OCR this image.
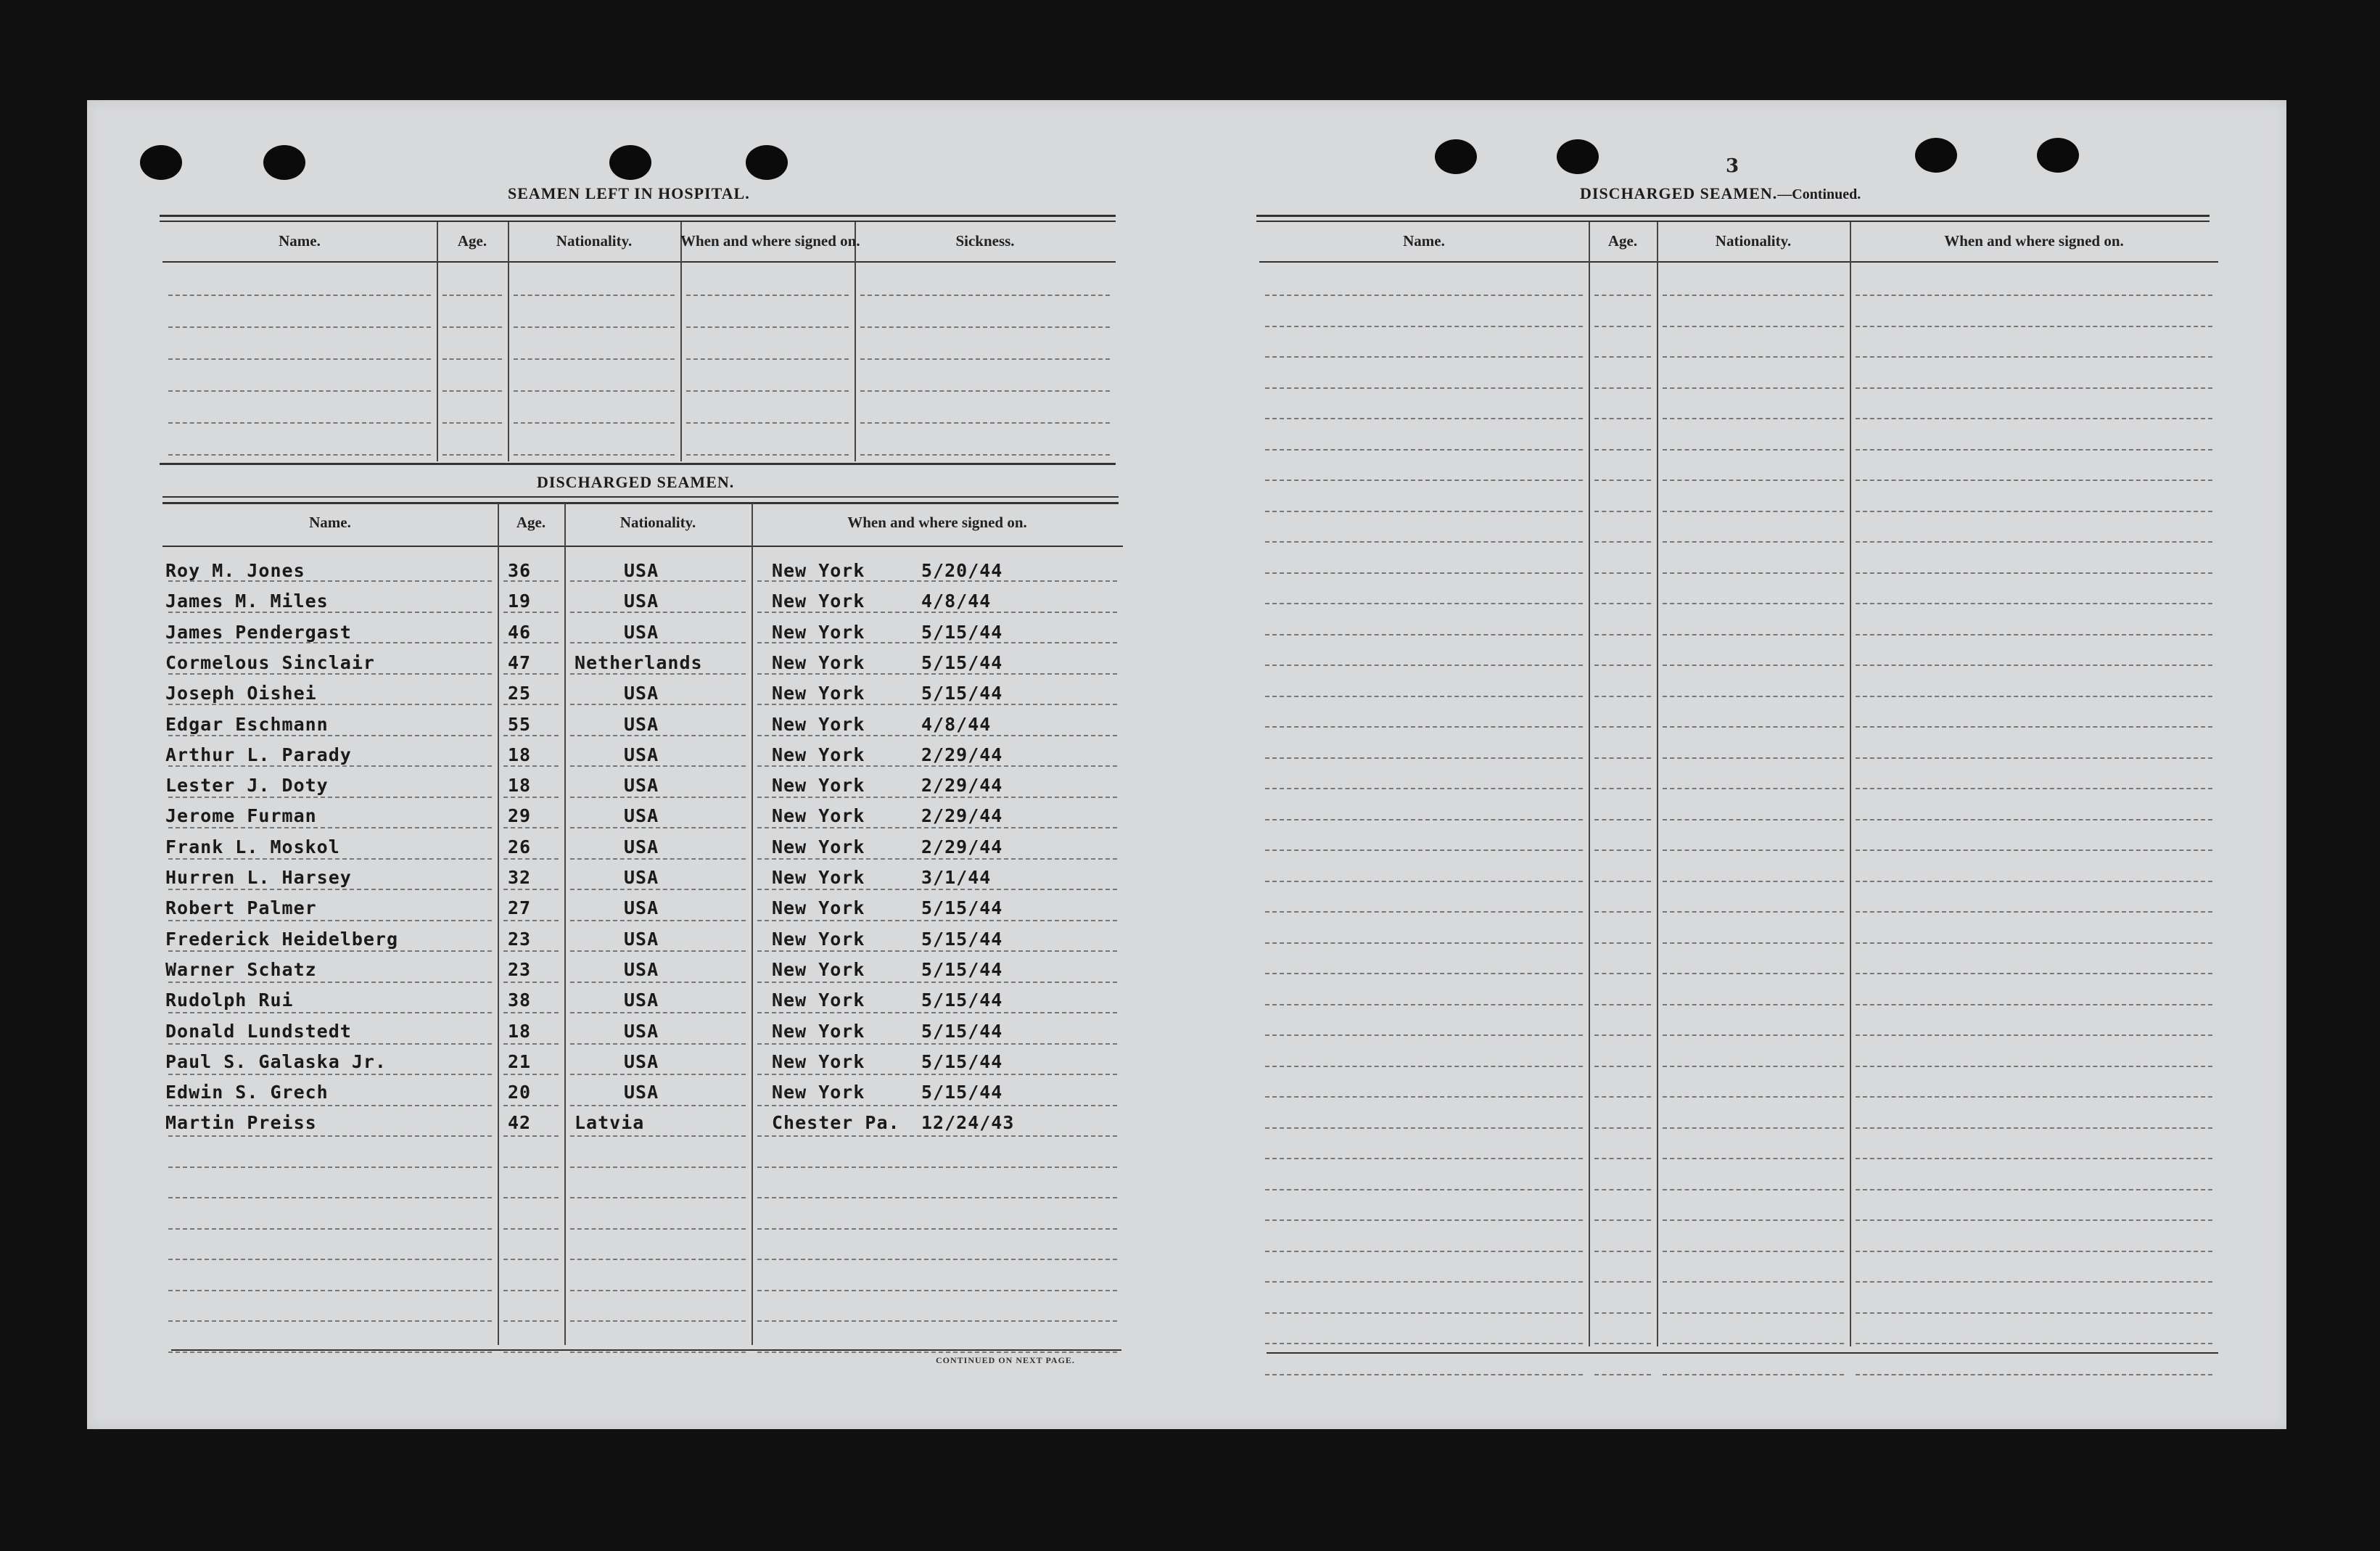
SEAMEN LEFT IN HOSPITAL.
Name.	Age.	Nationality.	When and where signed on.	Sickness.
DISCHARGED SEAMEN.
Name.	Age.	Nationality.	When and where signed on.
Roy M. Jones	36	USA	New York	5/20/44
James M. Miles	19	USA	New York	4/8/44
James Pendergast	46	USA	New York	5/15/44
Cormelous Sinclair	47 Netherlands	New York	5/15/44
Joseph Oishei	25	USA	New York	5/15/44
Edgar Eschmann	55	USA	New York	4/8/44
Arthur L. Parady	18	USA	New York	2/29/44
Lester J. Doty	18	USA	New York	2/29/44
Jerome Furman	29	USA	New York	2/29/44
Frank L. Moskol	26	USA	New York	2/29/44
Hurren L. Harsey	32	USA	New York	3/1/44
Robert Palmer	27	USA	New York	5/15/44
Frederick Heidelberg	23	USA	New York	5/15/44
Warner Schatz	23	USA	New York	5/15/44
Rudolph Rui	38	USA	New York	5/15/44
Donald Lundstedt	18	USA	New York	5/15/44
Paul S. Galaska Jr.	21	USA	New York	5/15/44
Edwin S. Grech	20	USA	New York	5/15/44
Martin Preiss	42 Latvia	Chester Pa. 12/24/43
CONTINUED ON NEXT PAGE.
3
DISCHARGED SEAMEN.—Continued.
Name.	Age.	Nationality.	When and where signed on.
